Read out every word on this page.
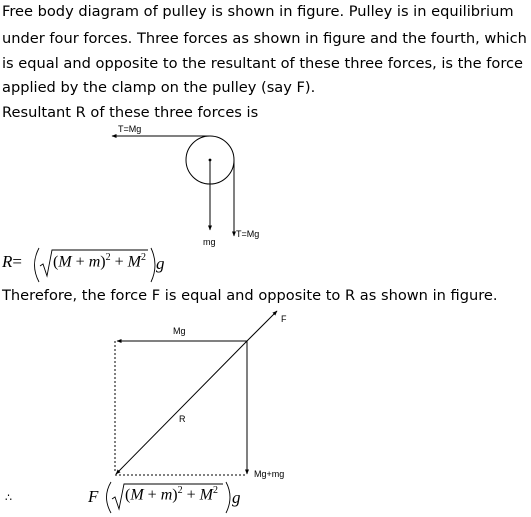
Free body diagram of pulley is shown in figure. Pulley is in equilibrium

under four forces. Three forces as shown in figure and the fourth, which

is equal and opposite to the resultant of these three forces, is the force

applied by the clamp on the pulley (say F).

Resultant R of these three forces is

T=Mg
mg
T=Mg
$R= (M + m)^2 + M^2$ g

Therefore, the force F is equal and opposite to R as shown in figure.

Mg
F
R
Mg+mg
∴	F $(M + m)^2 + M^2$ g
